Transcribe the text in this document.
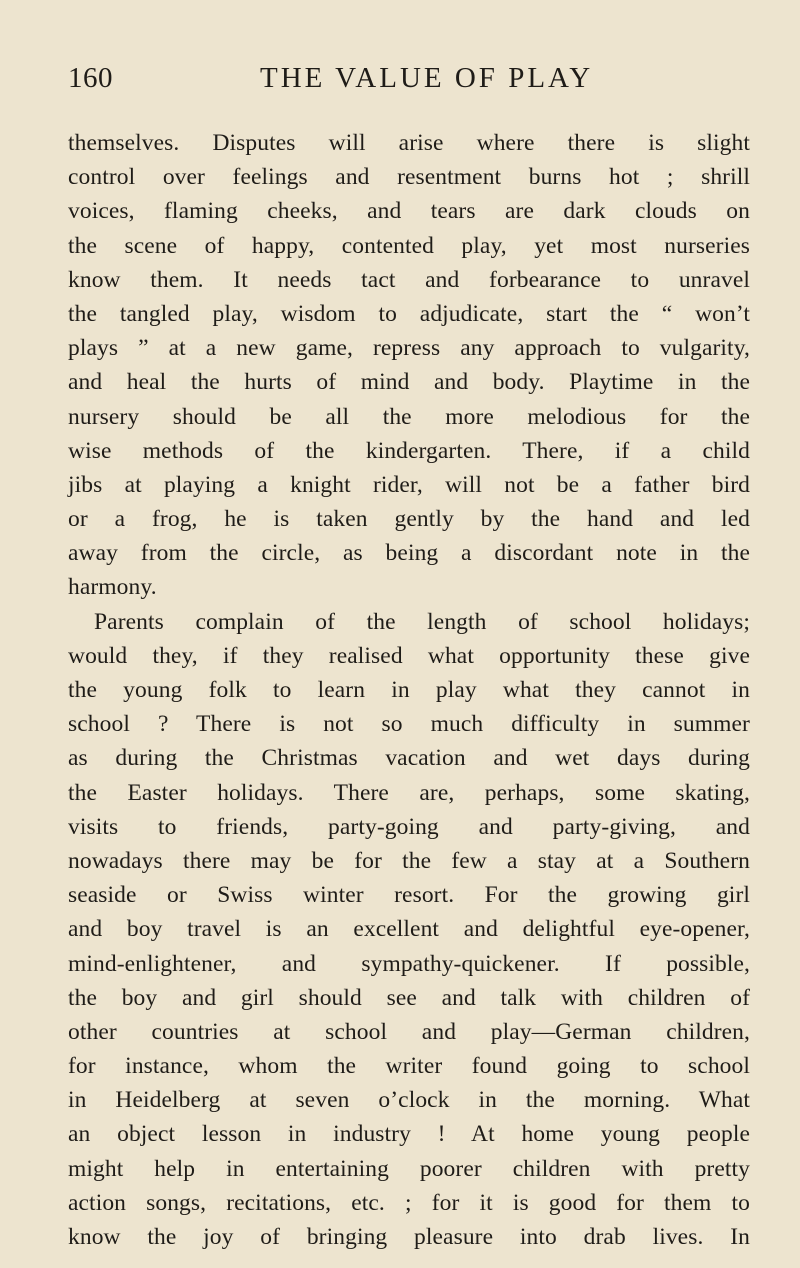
160	THE VALUE OF PLAY
themselves. Disputes will arise where there is slight
control over feelings and resentment burns hot ; shrill
voices, flaming cheeks, and tears are dark clouds on
the scene of happy, contented play, yet most nurseries
know them. It needs tact and forbearance to unravel
the tangled play, wisdom to adjudicate, start the “ won’t
plays ” at a new game, repress any approach to vulgarity,
and heal the hurts of mind and body. Playtime in the
nursery should be all the more melodious for the
wise methods of the kindergarten. There, if a child
jibs at playing a knight rider, will not be a father bird
or a frog, he is taken gently by the hand and led
away from the circle, as being a discordant note in the
harmony.
Parents complain of the length of school holidays;
would they, if they realised what opportunity these give
the young folk to learn in play what they cannot in
school ? There is not so much difficulty in summer
as during the Christmas vacation and wet days during
the Easter holidays. There are, perhaps, some skating,
visits to friends, party-going and party-giving, and
nowadays there may be for the few a stay at a Southern
seaside or Swiss winter resort. For the growing girl
and boy travel is an excellent and delightful eye-opener,
mind-enlightener, and sympathy-quickener. If possible,
the boy and girl should see and talk with children of
other countries at school and play—German children,
for instance, whom the writer found going to school
in Heidelberg at seven o’clock in the morning. What
an object lesson in industry ! At home young people
might help in entertaining poorer children with pretty
action songs, recitations, etc. ; for it is good for them to
know the joy of bringing pleasure into drab lives. In
